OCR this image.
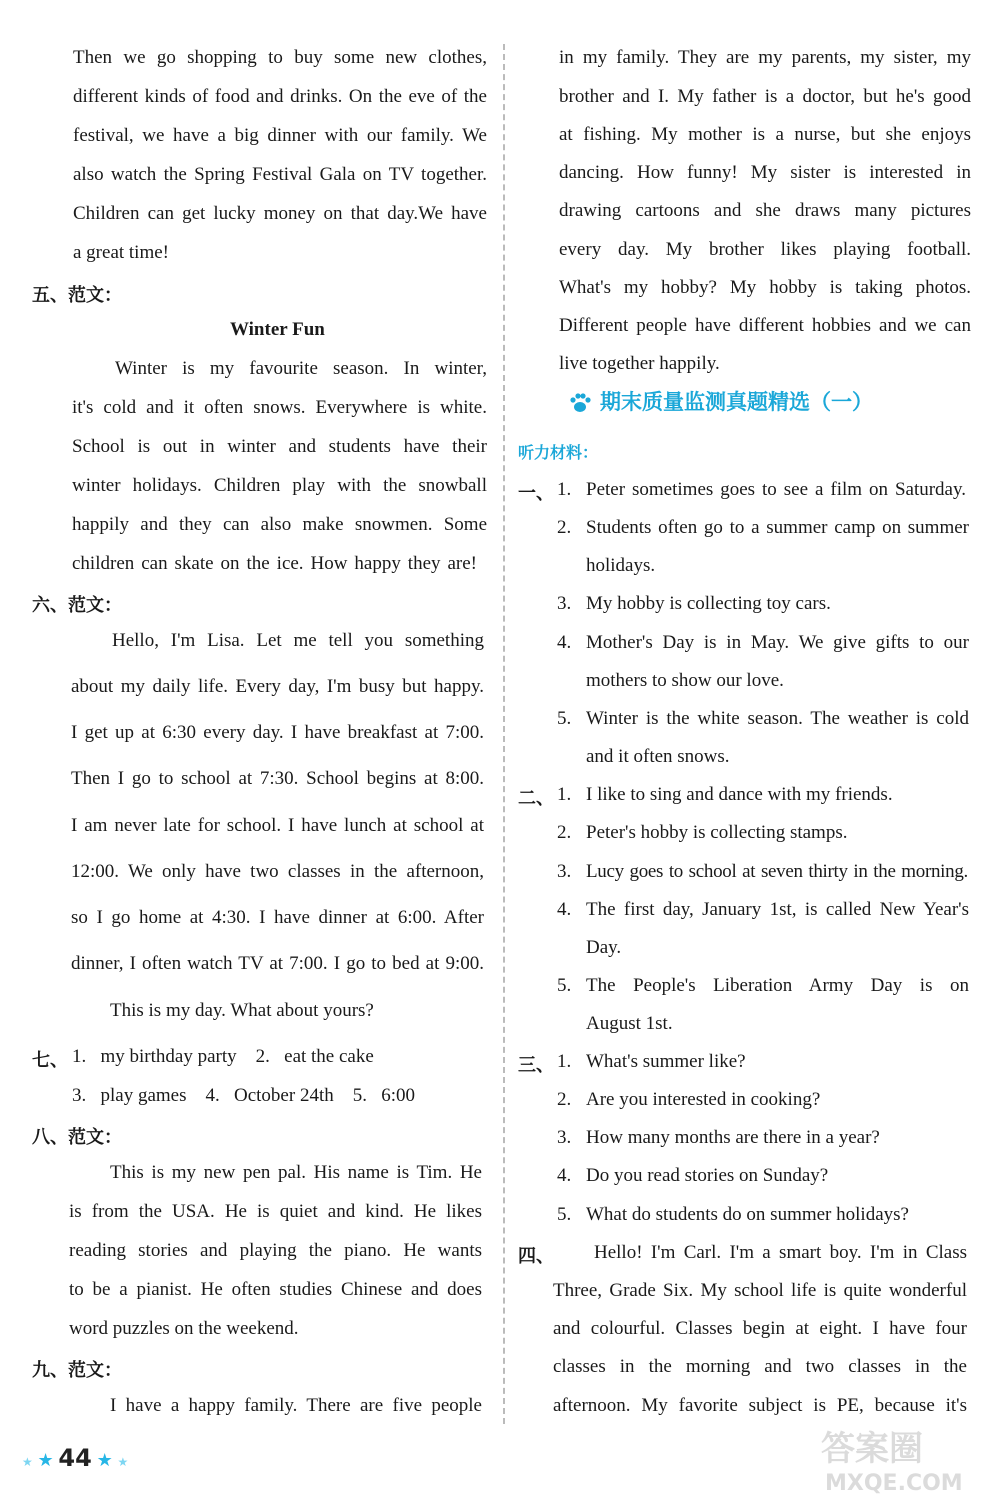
Then we go shopping to buy some new clothes,
different kinds of food and drinks. On the eve of the
festival, we have a big dinner with our family. We
also watch the Spring Festival Gala on TV together.
Children can get lucky money on that day.We have
a great time!
五、范文：
Winter Fun
Winter is my favourite season. In winter,
it's cold and it often snows. Everywhere is white.
School is out in winter and students have their
winter holidays. Children play with the snowball
happily and they can also make snowmen. Some
children can skate on the ice. How happy they are!
六、范文：
Hello, I'm Lisa. Let me tell you something
about my daily life. Every day, I'm busy but happy.
I get up at 6:30 every day. I have breakfast at 7:00.
Then I go to school at 7:30. School begins at 8:00.
I am never late for school. I have lunch at school at
12:00. We only have two classes in the afternoon,
so I go home at 4:30. I have dinner at 6:00. After
dinner, I often watch TV at 7:00. I go to bed at 9:00.
This is my day. What about yours?
七、 1.   my birthday party    2.   eat the cake
3.   play games    4.   October 24th    5.   6:00
八、范文：
This is my new pen pal. His name is Tim. He
is from the USA. He is quiet and kind. He likes
reading stories and playing the piano. He wants
to be a pianist. He often studies Chinese and does
word puzzles on the weekend.
九、范文：
I have a happy family. There are five people
in my family. They are my parents, my sister, my
brother and I. My father is a doctor, but he's good
at fishing. My mother is a nurse, but she enjoys
dancing. How funny! My sister is interested in
drawing cartoons and she draws many pictures
every day. My brother likes playing football.
What's my hobby? My hobby is taking photos.
Different people have different hobbies and we can
live together happily.
期末质量监测真题精选（一）
听力材料：
一、 1. Peter sometimes goes to see a film on Saturday.
2. Students often go to a summer camp on summer
holidays.
3. My hobby is collecting toy cars.
4. Mother's Day is in May. We give gifts to our
mothers to show our love.
5. Winter is the white season. The weather is cold
and it often snows.
二、 1. I like to sing and dance with my friends.
2. Peter's hobby is collecting stamps.
3. Lucy goes to school at seven thirty in the morning.
4. The first day, January 1st, is called New Year's
Day.
5. The People's Liberation Army Day is on
August 1st.
三、 1. What's summer like?
2. Are you interested in cooking?
3. How many months are there in a year?
4. Do you read stories on Sunday?
5. What do students do on summer holidays?
四、 Hello! I'm Carl. I'm a smart boy. I'm in Class
Three, Grade Six. My school life is quite wonderful
and colourful. Classes begin at eight. I have four
classes in the morning and two classes in the
afternoon. My favorite subject is PE, because it's
★ ★ 44 ★ ★	答案圈
MXQE.COM
